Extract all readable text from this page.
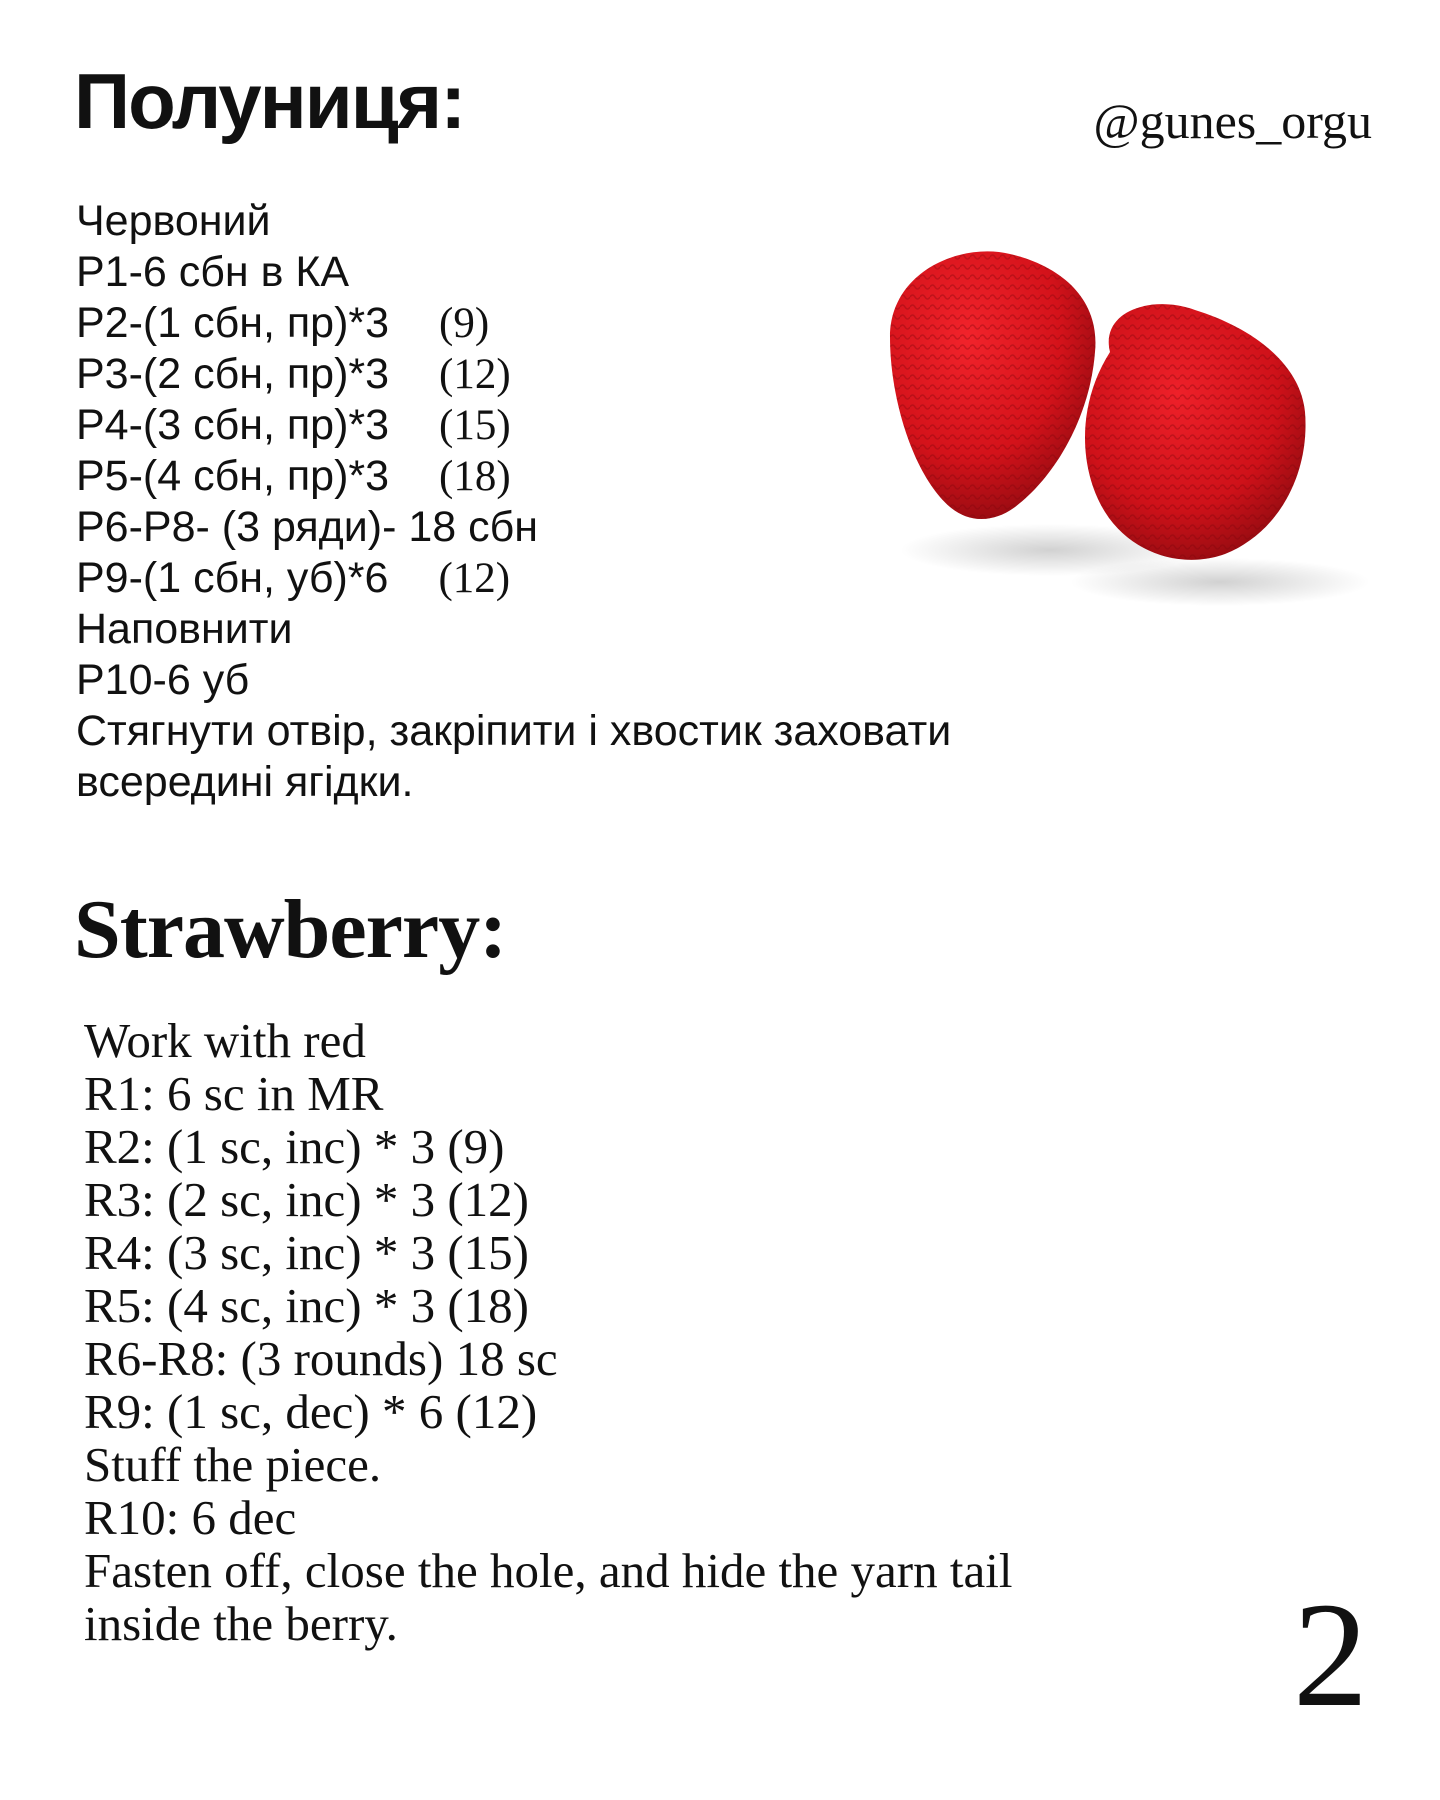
Полуниця:	@gunes_orgu
Червоний
Р1-6 сбн в КА
Р2-(1 сбн, пр)*3 (9)
Р3-(2 сбн, пр)*3 (12)
Р4-(3 сбн, пр)*3 (15)
Р5-(4 сбн, пр)*3 (18)
Р6-Р8- (3 ряди)- 18 сбн
Р9-(1 сбн, уб)*6 (12)
Наповнити
Р10-6 уб
Стягнути отвір, закріпити і хвостик заховати
всередині ягідки.
Strawberry:
Work with red
R1: 6 sc in MR
R2: (1 sc, inc) * 3 (9)
R3: (2 sc, inc) * 3 (12)
R4: (3 sc, inc) * 3 (15)
R5: (4 sc, inc) * 3 (18)
R6-R8: (3 rounds) 18 sc
R9: (1 sc, dec) * 6 (12)
Stuff the piece.
R10: 6 dec
Fasten off, close the hole, and hide the yarn tail
inside the berry.	2
